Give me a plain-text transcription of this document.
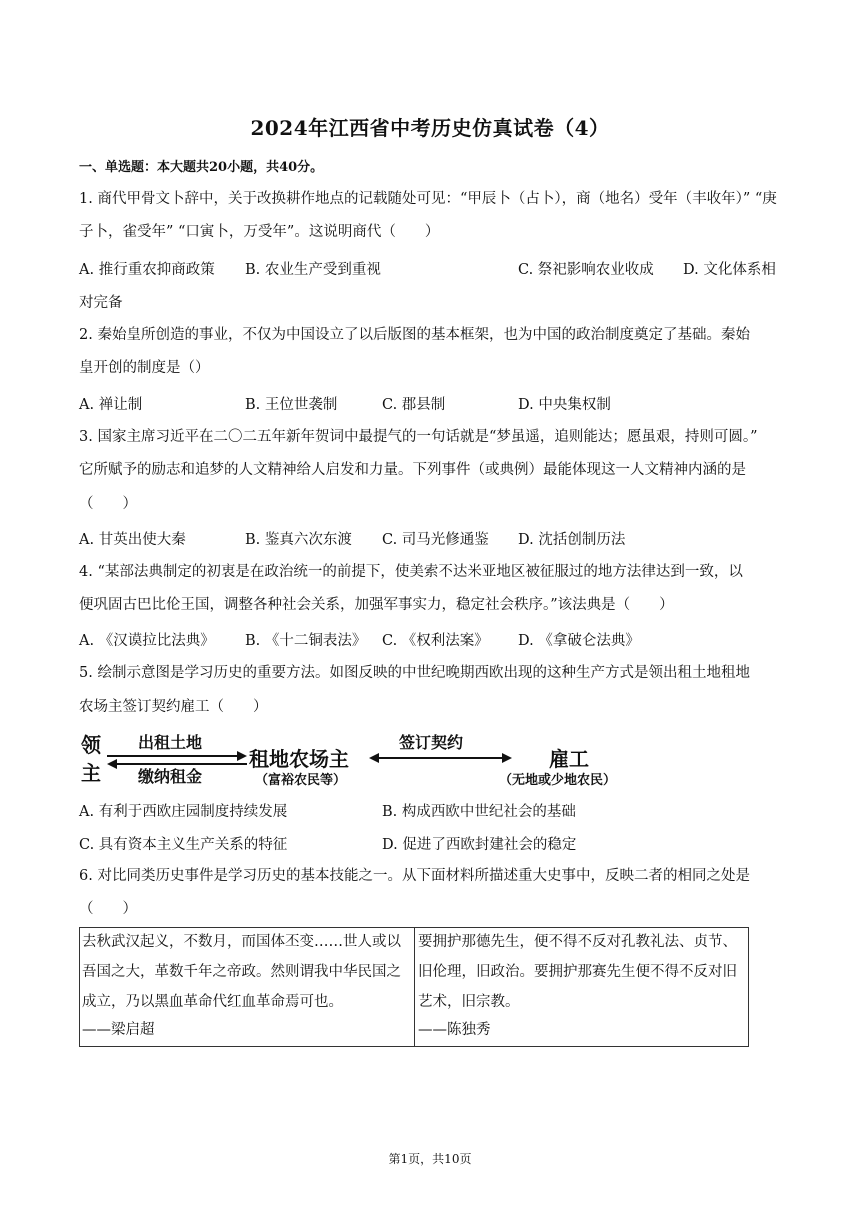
2024年江西省中考历史仿真试卷（4）
一、单选题：本大题共20小题，共40分。
1. 商代甲骨文卜辞中，关于改换耕作地点的记载随处可见：“甲辰卜（占卜），商（地名）受年（丰收年）” “庚
子卜，雀受年” “口寅卜，万受年”。这说明商代（　　）
A. 推行重农抑商政策 B. 农业生产受到重视	C. 祭祀影响农业收成 D. 文化体系相
对完备
2. 秦始皇所创造的事业，不仅为中国设立了以后版图的基本框架，也为中国的政治制度奠定了基础。秦始
皇开创的制度是（）
A. 禅让制	B. 王位世袭制	C. 郡县制	D. 中央集权制
3. 国家主席习近平在二〇二五年新年贺词中最提气的一句话就是“梦虽遥，追则能达；愿虽艰，持则可圆。”
它所赋予的励志和追梦的人文精神给人启发和力量。下列事件（或典例）最能体现这一人文精神内涵的是
（　　）
A. 甘英出使大秦	B. 鉴真六次东渡 C. 司马光修通鉴 D. 沈括创制历法
4. “某部法典制定的初衷是在政治统一的前提下，使美索不达米亚地区被征服过的地方法律达到一致，以
便巩固古巴比伦王国，调整各种社会关系，加强军事实力，稳定社会秩序。”该法典是（　　）
A. 《汉谟拉比法典》 B. 《十二铜表法》 C. 《权利法案》 D. 《拿破仑法典》
5. 绘制示意图是学习历史的重要方法。如图反映的中世纪晚期西欧出现的这种生产方式是领出租土地租地
农场主签订契约雇工（　　）
领
主
出租土地
缴纳租金
租地农场主
（富裕农民等）
签订契约
雇工
（无地或少地农民）
A. 有利于西欧庄园制度持续发展	B. 构成西欧中世纪社会的基础
C. 具有资本主义生产关系的特征	D. 促进了西欧封建社会的稳定
6. 对比同类历史事件是学习历史的基本技能之一。从下面材料所描述重大史事中，反映二者的相同之处是
（　　）
去秋武汉起义，不数月，而国体丕变……世人或以
吾国之大，革数千年之帝政。然则谓我中华民国之
成立，乃以黑血革命代红血革命焉可也。
——梁启超
要拥护那德先生，便不得不反对孔教礼法、贞节、
旧伦理，旧政治。要拥护那赛先生便不得不反对旧
艺术，旧宗教。
——陈独秀
第1页，共10页
